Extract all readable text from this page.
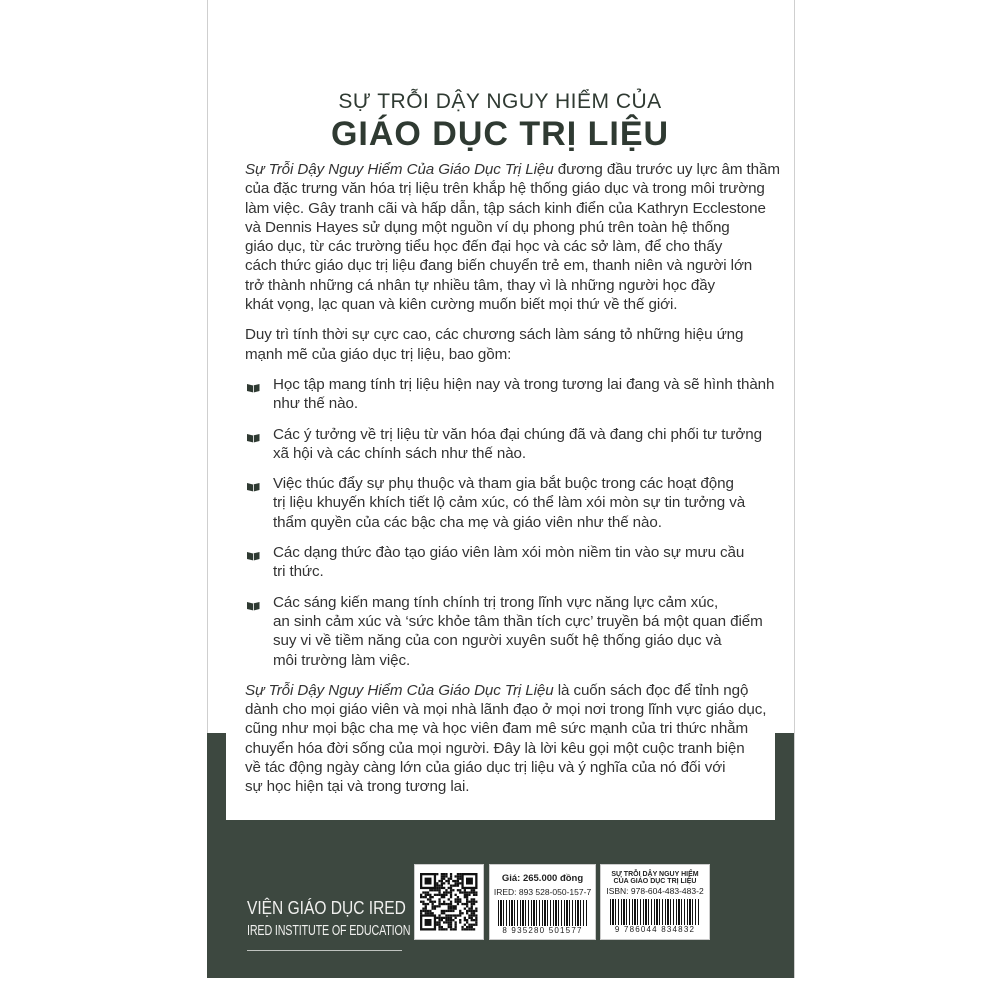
SỰ TRỖI DẬY NGUY HIỂM CỦA
GIÁO DỤC TRỊ LIỆU
Sự Trỗi Dậy Nguy Hiểm Của Giáo Dục Trị Liệu đương đầu trước uy lực âm thầm
của đặc trưng văn hóa trị liệu trên khắp hệ thống giáo dục và trong môi trường
làm việc. Gây tranh cãi và hấp dẫn, tập sách kinh điển của Kathryn Ecclestone
và Dennis Hayes sử dụng một nguồn ví dụ phong phú trên toàn hệ thống
giáo dục, từ các trường tiểu học đến đại học và các sở làm, để cho thấy
cách thức giáo dục trị liệu đang biến chuyển trẻ em, thanh niên và người lớn
trở thành những cá nhân tự nhiều tâm, thay vì là những người học đầy
khát vọng, lạc quan và kiên cường muốn biết mọi thứ về thế giới.
Duy trì tính thời sự cực cao, các chương sách làm sáng tỏ những hiệu ứng
mạnh mẽ của giáo dục trị liệu, bao gồm:
Học tập mang tính trị liệu hiện nay và trong tương lai đang và sẽ hình thành
như thế nào.
Các ý tưởng về trị liệu từ văn hóa đại chúng đã và đang chi phối tư tưởng
xã hội và các chính sách như thế nào.
Việc thúc đẩy sự phụ thuộc và tham gia bắt buộc trong các hoạt động
trị liệu khuyến khích tiết lộ cảm xúc, có thể làm xói mòn sự tin tưởng và
thẩm quyền của các bậc cha mẹ và giáo viên như thế nào.
Các dạng thức đào tạo giáo viên làm xói mòn niềm tin vào sự mưu cầu
tri thức.
Các sáng kiến mang tính chính trị trong lĩnh vực năng lực cảm xúc,
an sinh cảm xúc và ‘sức khỏe tâm thần tích cực’ truyền bá một quan điểm
suy vi về tiềm năng của con người xuyên suốt hệ thống giáo dục và
môi trường làm việc.
Sự Trỗi Dậy Nguy Hiểm Của Giáo Dục Trị Liệu là cuốn sách đọc để tỉnh ngộ
dành cho mọi giáo viên và mọi nhà lãnh đạo ở mọi nơi trong lĩnh vực giáo dục,
cũng như mọi bậc cha mẹ và học viên đam mê sức mạnh của tri thức nhằm
chuyển hóa đời sống của mọi người. Đây là lời kêu gọi một cuộc tranh biện
về tác động ngày càng lớn của giáo dục trị liệu và ý nghĩa của nó đối với
sự học hiện tại và trong tương lai.
VIỆN GIÁO DỤC IRED
IRED INSTITUTE OF EDUCATION
Giá: 265.000 đồng
IRED: 893 528-050-157-7
8 935280 501577
SỰ TRỖI DẬY NGUY HIỂM
CỦA GIÁO DỤC TRỊ LIỆU
ISBN: 978-604-483-483-2
9 786044 834832
